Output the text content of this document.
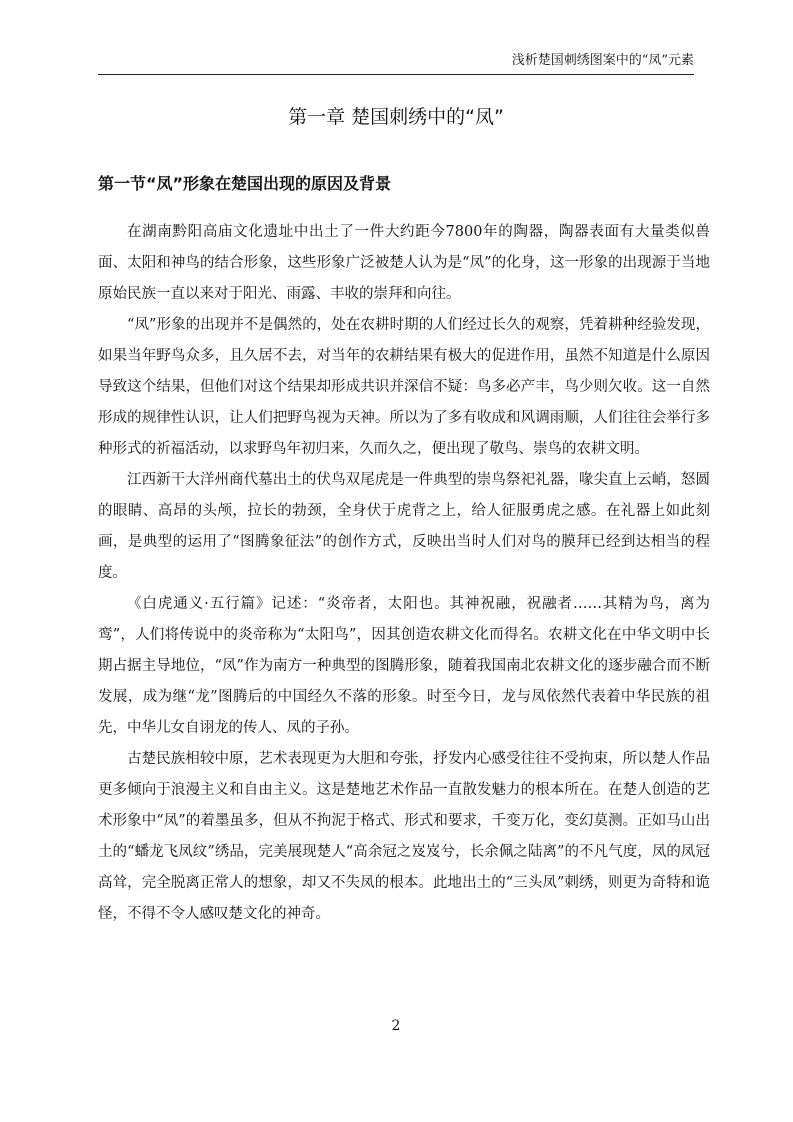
浅析楚国刺绣图案中的“凤”元素
第一章 楚国刺绣中的“凤”
第一节“凤”形象在楚国出现的原因及背景

在湖南黔阳高庙文化遗址中出土了一件大约距今7800年的陶器，陶器表面有大量类似兽面、太阳和神鸟的结合形象，这些形象广泛被楚人认为是“凤”的化身，这一形象的出现源于当地原始民族一直以来对于阳光、雨露、丰收的崇拜和向往。

“凤”形象的出现并不是偶然的，处在农耕时期的人们经过长久的观察，凭着耕种经验发现，如果当年野鸟众多，且久居不去，对当年的农耕结果有极大的促进作用，虽然不知道是什么原因导致这个结果，但他们对这个结果却形成共识并深信不疑：鸟多必产丰，鸟少则欠收。这一自然形成的规律性认识，让人们把野鸟视为天神。所以为了多有收成和风调雨顺，人们往往会举行多种形式的祈福活动，以求野鸟年初归来，久而久之，便出现了敬鸟、崇鸟的农耕文明。

江西新干大洋州商代墓出土的伏鸟双尾虎是一件典型的崇鸟祭祀礼器，喙尖直上云峭，怒圆的眼睛、高昂的头颅，拉长的勃颈，全身伏于虎背之上，给人征服勇虎之感。在礼器上如此刻画，是典型的运用了“图腾象征法”的创作方式，反映出当时人们对鸟的膜拜已经到达相当的程度。

《白虎通义·五行篇》记述：“炎帝者，太阳也。其神祝融，祝融者……其精为鸟，离为鸾”，人们将传说中的炎帝称为“太阳鸟”，因其创造农耕文化而得名。农耕文化在中华文明中长期占据主导地位，“凤”作为南方一种典型的图腾形象，随着我国南北农耕文化的逐步融合而不断发展，成为继“龙”图腾后的中国经久不落的形象。时至今日，龙与凤依然代表着中华民族的祖先，中华儿女自诩龙的传人、凤的子孙。

古楚民族相较中原，艺术表现更为大胆和夸张，抒发内心感受往往不受拘束，所以楚人作品更多倾向于浪漫主义和自由主义。这是楚地艺术作品一直散发魅力的根本所在。在楚人创造的艺术形象中“凤”的着墨虽多，但从不拘泥于格式、形式和要求，千变万化，变幻莫测。正如马山出土的“蟠龙飞凤纹”绣品，完美展现楚人“高余冠之岌岌兮，长余佩之陆离”的不凡气度，凤的凤冠高耸，完全脱离正常人的想象，却又不失凤的根本。此地出土的“三头凤”刺绣，则更为奇特和诡怪，不得不令人感叹楚文化的神奇。

2
